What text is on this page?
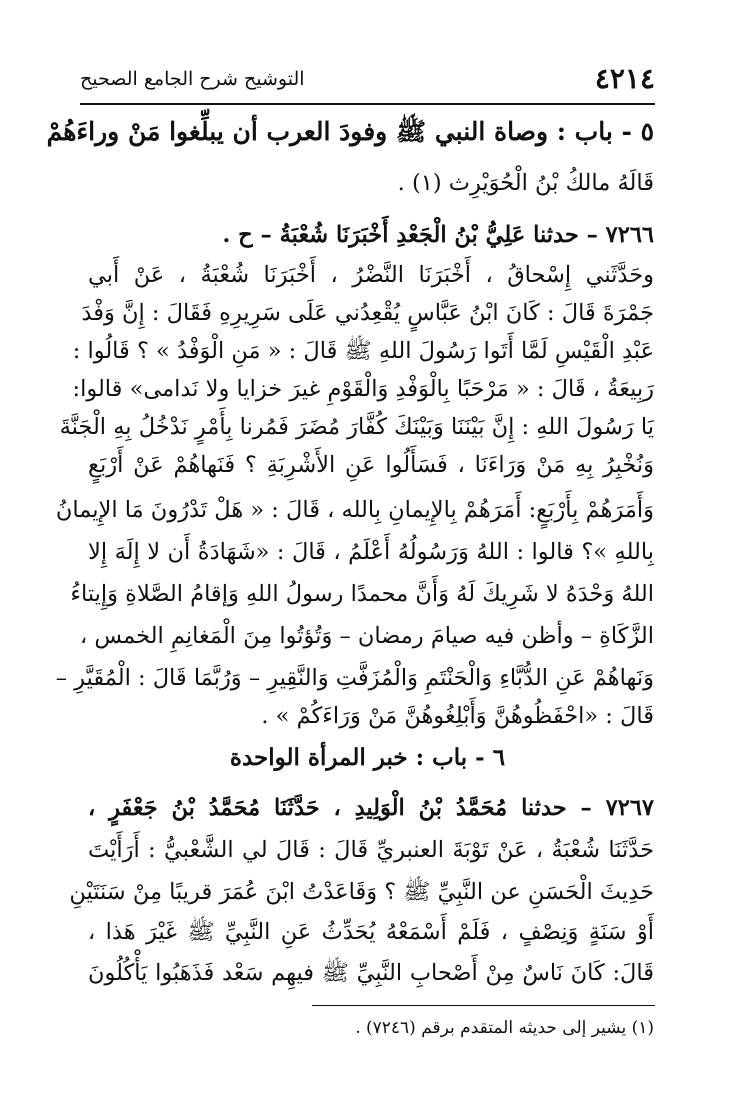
٤٢١٤
التوشيح شرح الجامع الصحيح
٥ - باب : وصاة النبي ﷺ وفودَ العرب أن يبلِّغوا مَنْ وراءَهُمْ
قَالَهُ مالكُ بْنُ الْحُوَيْرِث (١) .
٧٢٦٦ – حدثنا عَلِيُّ بْنُ الْجَعْدِ أَخْبَرَنَا شُعْبَةُ – ح .
وحَدَّثَني إِسْحاقُ ، أَخْبَرَنَا النَّضْرُ ، أَخْبَرَنَا شُعْبَةُ ، عَنْ أَبي
جَمْرَةَ قَالَ : كَانَ ابْنُ عَبَّاسٍ يُقْعِدُني عَلَى سَرِيرِهِ فَقَالَ : إِنَّ وَفْدَ
عَبْدِ الْقَيْسِ لَمَّا أَتَوا رَسُولَ اللهِ ﷺ قَالَ : « مَنِ الْوَفْدُ » ؟ قَالُوا :
رَبِيعَةُ ، قَالَ : « مَرْحَبًا بِالْوَفْدِ وَالْقَوْمِ غيرَ خزايا ولا نَدامى» قالوا:
يَا رَسُولَ اللهِ : إِنَّ بَيْنَنَا وَبَيْنَكَ كُفَّارَ مُضَرَ فَمُرنا بِأَمْرٍ نَدْخُلُ بِهِ الْجَنَّةَ
وَنُخْبِرُ بِهِ مَنْ وَرَاءَنَا ، فَسَأَلُوا عَنِ الأَشْرِبَةِ ؟ فَنَهاهُمْ عَنْ أَرْبَعٍ
وَأَمَرَهُمْ بِأَرْبَعٍ: أَمَرَهُمْ بِالإِيمانِ بِالله ، قَالَ : « هَلْ تَدْرُونَ مَا الإِيمانُ
بِاللهِ »؟ قالوا : اللهُ وَرَسُولُهُ أَعْلَمُ ، قَالَ : «شَهَادَةُ أَن لا إِلَهَ إِلا
اللهُ وَحْدَهُ لا شَرِيكَ لَهُ وَأَنَّ محمدًا رسولُ اللهِ وَإقامُ الصَّلاةِ وَإِيتاءُ
الزَّكَاةِ – وأظن فيه صيامَ رمضان – وَتُؤتُوا مِنَ الْمَغانِمِ الخمس ،
وَنَهاهُمْ عَنِ الدُّبَّاءِ وَالْحَنْتَمِ وَالْمُزَفَّتِ وَالنَّقِيرِ – وَرُبَّمَا قَالَ : الْمُقَيَّرِ –
قَالَ : «احْفَظُوهُنَّ وَأَبْلِغُوهُنَّ مَنْ وَرَاءَكُمْ » .
٦ - باب : خبر المرأة الواحدة
٧٢٦٧ – حدثنا مُحَمَّدُ بْنُ الْوَلِيدِ ، حَدَّثَنَا مُحَمَّدُ بْنُ جَعْفَرٍ ،
حَدَّثَنَا شُعْبَةُ ، عَنْ تَوْبَةَ العنبريِّ قَالَ : قَالَ لي الشَّعْبيُّ : أَرَأَيْتَ
حَدِيثَ الْحَسَنِ عن النَّبِيِّ ﷺ ؟ وَقَاعَدْتُ ابْنَ عُمَرَ قريبًا مِنْ سَنَتَيْنِ
أَوْ سَنَةٍ وَنِصْفٍ ، فَلَمْ أَسْمَعْهُ يُحَدِّثُ عَنِ النَّبِيِّ ﷺ غَيْرَ هَذا ،
قَالَ: كَانَ نَاسٌ مِنْ أَصْحابِ النَّبِيِّ ﷺ فيهِم سَعْد فَذَهَبُوا يَأْكُلُونَ
(١) يشير إلى حديثه المتقدم برقم (٧٢٤٦) .
